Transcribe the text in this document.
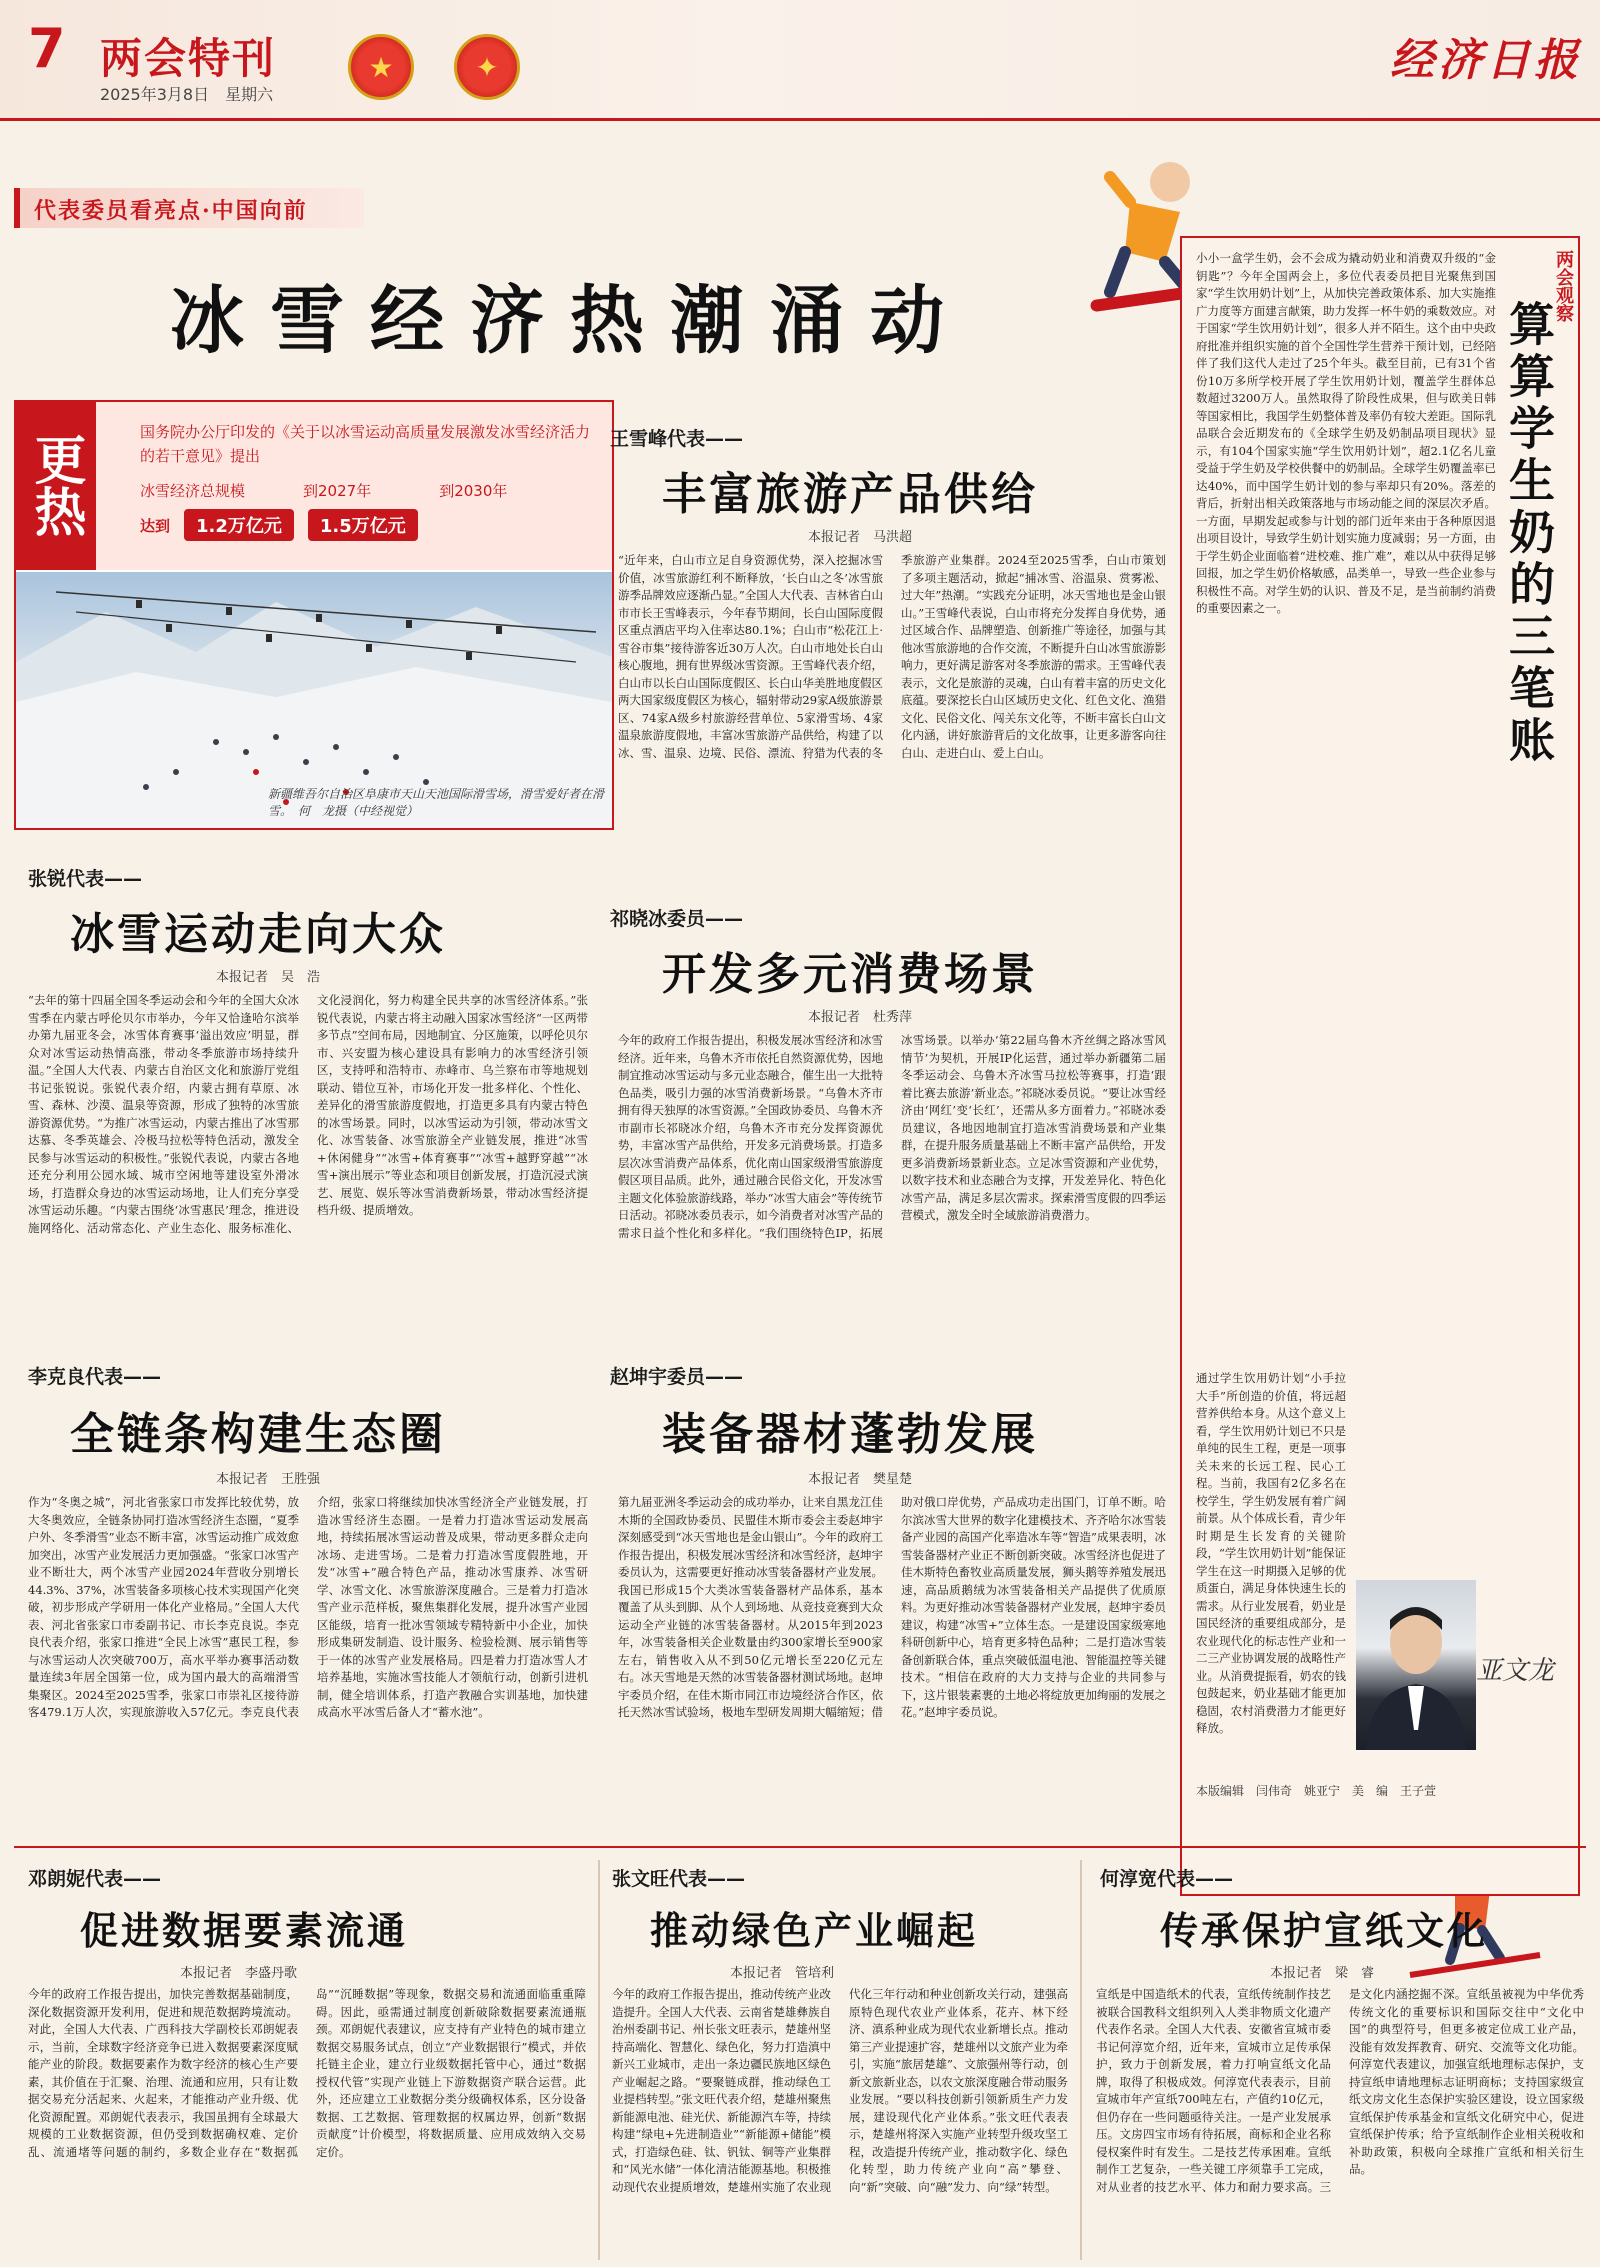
7 两会特刊
2025年3月8日　星期六
★	✦	经济日报
代表委员看亮点·中国向前
冰雪经济热潮涌动
更热
国务院办公厅印发的《关于以冰雪运动高质量发展激发冰雪经济活力的若干意见》提出
冰雪经济总规模	到2027年	到2030年
达到	1.2万亿元	1.5万亿元
新疆维吾尔自治区阜康市天山天池国际滑雪场，滑雪爱好者在滑雪。　何　龙摄（中经视觉）
王雪峰代表——
丰富旅游产品供给
本报记者　马洪超
“近年来，白山市立足自身资源优势，深入挖掘冰雪价值，冰雪旅游红利不断释放，‘长白山之冬’冰雪旅游季品牌效应逐渐凸显。”全国人大代表、吉林省白山市市长王雪峰表示，今年春节期间，长白山国际度假区重点酒店平均入住率达80.1%；白山市“松花江上·雪谷市集”接待游客近30万人次。白山市地处长白山核心腹地，拥有世界级冰雪资源。王雪峰代表介绍，白山市以长白山国际度假区、长白山华美胜地度假区两大国家级度假区为核心，辐射带动29家A级旅游景区、74家A级乡村旅游经营单位、5家滑雪场、4家温泉旅游度假地，丰富冰雪旅游产品供给，构建了以冰、雪、温泉、边境、民俗、漂流、狩猎为代表的冬季旅游产业集群。2024至2025雪季，白山市策划了多项主题活动，掀起“捕冰雪、浴温泉、赏雾凇、过大年”热潮。“实践充分证明，冰天雪地也是金山银山。”王雪峰代表说，白山市将充分发挥自身优势，通过区域合作、品牌塑造、创新推广等途径，加强与其他冰雪旅游地的合作交流，不断提升白山冰雪旅游影响力，更好满足游客对冬季旅游的需求。王雪峰代表表示，文化是旅游的灵魂，白山有着丰富的历史文化底蕴。要深挖长白山区域历史文化、红色文化、渔猎文化、民俗文化、闯关东文化等，不断丰富长白山文化内涵，讲好旅游背后的文化故事，让更多游客向往白山、走进白山、爱上白山。
张锐代表——
冰雪运动走向大众
本报记者　吴　浩
“去年的第十四届全国冬季运动会和今年的全国大众冰雪季在内蒙古呼伦贝尔市举办，今年又恰逢哈尔滨举办第九届亚冬会，冰雪体育赛事‘溢出效应’明显，群众对冰雪运动热情高涨，带动冬季旅游市场持续升温。”全国人大代表、内蒙古自治区文化和旅游厅党组书记张锐说。张锐代表介绍，内蒙古拥有草原、冰雪、森林、沙漠、温泉等资源，形成了独特的冰雪旅游资源优势。“为推广冰雪运动，内蒙古推出了冰雪那达慕、冬季英雄会、冷极马拉松等特色活动，激发全民参与冰雪运动的积极性。”张锐代表说，内蒙古各地还充分利用公园水域、城市空闲地等建设室外滑冰场，打造群众身边的冰雪运动场地，让人们充分享受冰雪运动乐趣。“内蒙古围绕‘冰雪惠民’理念，推进设施网络化、活动常态化、产业生态化、服务标准化、文化浸润化，努力构建全民共享的冰雪经济体系。”张锐代表说，内蒙古将主动融入国家冰雪经济“一区两带多节点”空间布局，因地制宜、分区施策，以呼伦贝尔市、兴安盟为核心建设具有影响力的冰雪经济引领区，支持呼和浩特市、赤峰市、乌兰察布市等地规划联动、错位互补，市场化开发一批多样化、个性化、差异化的滑雪旅游度假地，打造更多具有内蒙古特色的冰雪场景。同时，以冰雪运动为引领，带动冰雪文化、冰雪装备、冰雪旅游全产业链发展，推进“冰雪+休闲健身”“冰雪+体育赛事”“冰雪+越野穿越”“冰雪+演出展示”等业态和项目创新发展，打造沉浸式演艺、展览、娱乐等冰雪消费新场景，带动冰雪经济提档升级、提质增效。
祁晓冰委员——
开发多元消费场景
本报记者　杜秀萍
今年的政府工作报告提出，积极发展冰雪经济和冰雪经济。近年来，乌鲁木齐市依托自然资源优势，因地制宜推动冰雪运动与多元业态融合，催生出一大批特色品类，吸引力强的冰雪消费新场景。“乌鲁木齐市拥有得天独厚的冰雪资源。”全国政协委员、乌鲁木齐市副市长祁晓冰介绍，乌鲁木齐市充分发挥资源优势，丰富冰雪产品供给，开发多元消费场景。打造多层次冰雪消费产品体系，优化南山国家级滑雪旅游度假区项目品质。此外，通过融合民俗文化，开发冰雪主题文化体验旅游线路，举办“冰雪大庙会”等传统节日活动。祁晓冰委员表示，如今消费者对冰雪产品的需求日益个性化和多样化。“我们围绕特色IP，拓展冰雪场景。以举办‘第22届乌鲁木齐丝绸之路冰雪风情节’为契机，开展IP化运营，通过举办新疆第二届冬季运动会、乌鲁木齐冰雪马拉松等赛事，打造‘跟着比赛去旅游’新业态。”祁晓冰委员说。“要让冰雪经济由‘网红’变‘长红’，还需从多方面着力。”祁晓冰委员建议，各地因地制宜打造冰雪消费场景和产业集群，在提升服务质量基础上不断丰富产品供给，开发更多消费新场景新业态。立足冰雪资源和产业优势，以数字技术和业态融合为支撑，开发差异化、特色化冰雪产品，满足多层次需求。探索滑雪度假的四季运营模式，激发全时全域旅游消费潜力。
李克良代表——
全链条构建生态圈
本报记者　王胜强
作为“冬奥之城”，河北省张家口市发挥比较优势，放大冬奥效应，全链条协同打造冰雪经济生态圈，“夏季户外、冬季滑雪”业态不断丰富，冰雪运动推广成效愈加突出，冰雪产业发展活力更加强盛。“张家口冰雪产业不断壮大，两个冰雪产业园2024年营收分别增长44.3%、37%，冰雪装备多项核心技术实现国产化突破，初步形成产学研用一体化产业格局。”全国人大代表、河北省张家口市委副书记、市长李克良说。李克良代表介绍，张家口推进“全民上冰雪”惠民工程，参与冰雪运动人次突破700万，高水平举办赛事活动数量连续3年居全国第一位，成为国内最大的高端滑雪集聚区。2024至2025雪季，张家口市崇礼区接待游客479.1万人次，实现旅游收入57亿元。李克良代表介绍，张家口将继续加快冰雪经济全产业链发展，打造冰雪经济生态圈。一是着力打造冰雪运动发展高地，持续拓展冰雪运动普及成果，带动更多群众走向冰场、走进雪场。二是着力打造冰雪度假胜地，开发“冰雪+”融合特色产品，推动冰雪康养、冰雪研学、冰雪文化、冰雪旅游深度融合。三是着力打造冰雪产业示范样板，聚焦集群化发展，提升冰雪产业园区能级，培育一批冰雪领域专精特新中小企业，加快形成集研发制造、设计服务、检验检测、展示销售等于一体的冰雪产业发展格局。四是着力打造冰雪人才培养基地，实施冰雪技能人才领航行动，创新引进机制，健全培训体系，打造产教融合实训基地，加快建成高水平冰雪后备人才“蓄水池”。
赵坤宇委员——
装备器材蓬勃发展
本报记者　樊星楚
第九届亚洲冬季运动会的成功举办，让来自黑龙江佳木斯的全国政协委员、民盟佳木斯市委会主委赵坤宇深刻感受到“冰天雪地也是金山银山”。今年的政府工作报告提出，积极发展冰雪经济和冰雪经济，赵坤宇委员认为，这需要更好推动冰雪装备器材产业发展。我国已形成15个大类冰雪装备器材产品体系，基本覆盖了从头到脚、从个人到场地、从竞技竞赛到大众运动全产业链的冰雪装备器材。从2015年到2023年，冰雪装备相关企业数量由约300家增长至900家左右，销售收入从不到50亿元增长至220亿元左右。冰天雪地是天然的冰雪装备器材测试场地。赵坤宇委员介绍，在佳木斯市同江市边境经济合作区，依托天然冰雪试验场，极地车型研发周期大幅缩短；借助对俄口岸优势，产品成功走出国门，订单不断。哈尔滨冰雪大世界的数字化建模技术、齐齐哈尔冰雪装备产业园的高国产化率造冰车等“智造”成果表明，冰雪装备器材产业正不断创新突破。冰雪经济也促进了佳木斯特色畜牧业高质量发展，狮头鹅等养殖发展迅速，高品质鹅绒为冰雪装备相关产品提供了优质原料。为更好推动冰雪装备器材产业发展，赵坤宇委员建议，构建“冰雪+”立体生态。一是建设国家级寒地科研创新中心，培育更多特色品种；二是打造冰雪装备创新联合体，重点突破低温电池、智能温控等关键技术。“相信在政府的大力支持与企业的共同参与下，这片银装素裹的土地必将绽放更加绚丽的发展之花。”赵坤宇委员说。
两会观察
算算学生奶的三笔账
小小一盒学生奶，会不会成为撬动奶业和消费双升级的“金钥匙”？今年全国两会上，多位代表委员把目光聚焦到国家“学生饮用奶计划”上，从加快完善政策体系、加大实施推广力度等方面建言献策，助力发挥一杯牛奶的乘数效应。对于国家“学生饮用奶计划”，很多人并不陌生。这个由中央政府批准并组织实施的首个全国性学生营养干预计划，已经陪伴了我们这代人走过了25个年头。截至目前，已有31个省份10万多所学校开展了学生饮用奶计划，覆盖学生群体总数超过3200万人。虽然取得了阶段性成果，但与欧美日韩等国家相比，我国学生奶整体普及率仍有较大差距。国际乳品联合会近期发布的《全球学生奶及奶制品项目现状》显示，有104个国家实施“学生饮用奶计划”，超2.1亿名儿童受益于学生奶及学校供餐中的奶制品。全球学生奶覆盖率已达40%，而中国学生奶计划的参与率却只有20%。落差的背后，折射出相关政策落地与市场动能之间的深层次矛盾。一方面，早期发起或参与计划的部门近年来由于各种原因退出项目设计，导致学生奶计划实施力度减弱；另一方面，由于学生奶企业面临着“进校难、推广难”，难以从中获得足够回报，加之学生奶价格敏感，品类单一，导致一些企业参与积极性不高。对学生奶的认识、普及不足，是当前制约消费的重要因素之一。
通过学生饮用奶计划“小手拉大手”所创造的价值，将远超营养供给本身。从这个意义上看，学生饮用奶计划已不只是单纯的民生工程，更是一项事关未来的长远工程、民心工程。当前，我国有2亿多名在校学生，学生奶发展有着广阔前景。从个体成长看，青少年时期是生长发育的关键阶段，“学生饮用奶计划”能保证学生在这一时期摄入足够的优质蛋白，满足身体快速生长的需求。从行业发展看，奶业是国民经济的重要组成部分，是农业现代化的标志性产业和一二三产业协调发展的战略性产业。从消费提振看，奶农的钱包鼓起来，奶业基础才能更加稳固，农村消费潜力才能更好释放。
亚文龙
本版编辑　闫伟奇　姚亚宁　美　编　王子萱
邓朗妮代表——
促进数据要素流通
本报记者　李盛丹歌
今年的政府工作报告提出，加快完善数据基础制度，深化数据资源开发利用，促进和规范数据跨境流动。对此，全国人大代表、广西科技大学副校长邓朗妮表示，当前，全球数字经济竞争已进入数据要素深度赋能产业的阶段。数据要素作为数字经济的核心生产要素，其价值在于汇聚、治理、流通和应用，只有让数据交易充分活起来、火起来，才能推动产业升级、优化资源配置。邓朗妮代表表示，我国虽拥有全球最大规模的工业数据资源，但仍受到数据确权难、定价乱、流通堵等问题的制约，多数企业存在“数据孤岛”“沉睡数据”等现象，数据交易和流通面临重重障碍。因此，亟需通过制度创新破除数据要素流通瓶颈。邓朗妮代表建议，应支持有产业特色的城市建立数据交易服务试点，创立“产业数据银行”模式，并依托链主企业，建立行业级数据托管中心，通过“数据授权代管”实现产业链上下游数据资产联合运营。此外，还应建立工业数据分类分级确权体系，区分设备数据、工艺数据、管理数据的权属边界，创新“数据贡献度”计价模型，将数据质量、应用成效纳入交易定价。
张文旺代表——
推动绿色产业崛起
本报记者　管培利
今年的政府工作报告提出，推动传统产业改造提升。全国人大代表、云南省楚雄彝族自治州委副书记、州长张文旺表示，楚雄州坚持高端化、智慧化、绿色化，努力打造滇中新兴工业城市，走出一条边疆民族地区绿色产业崛起之路。“要聚链成群，推动绿色工业提档转型。”张文旺代表介绍，楚雄州聚焦新能源电池、硅光伏、新能源汽车等，持续构建“绿电+先进制造业”“新能源+储能”模式，打造绿色硅、钛、钒钛、铜等产业集群和“风光水储”一体化清洁能源基地。积极推动现代农业提质增效，楚雄州实施了农业现代化三年行动和种业创新攻关行动，建强高原特色现代农业产业体系，花卉、林下经济、滇系种业成为现代农业新增长点。推动第三产业提速扩容，楚雄州以文旅产业为牵引，实施“旅居楚雄”、文旅强州等行动，创新文旅新业态，以农文旅深度融合带动服务业发展。“要以科技创新引领新质生产力发展，建设现代化产业体系。”张文旺代表表示，楚雄州将深入实施产业转型升级攻坚工程，改造提升传统产业，推动数字化、绿色化转型，助力传统产业向“高”攀登、向“新”突破、向“融”发力、向“绿”转型。
何淳宽代表——
传承保护宣纸文化
本报记者　梁　睿
宣纸是中国造纸术的代表，宣纸传统制作技艺被联合国教科文组织列入人类非物质文化遗产代表作名录。全国人大代表、安徽省宣城市委书记何淳宽介绍，近年来，宣城市立足传承保护，致力于创新发展，着力打响宣纸文化品牌，取得了积极成效。何淳宽代表表示，目前宣城市年产宣纸700吨左右，产值约10亿元，但仍存在一些问题亟待关注。一是产业发展承压。文房四宝市场有待拓展，商标和企业名称侵权案件时有发生。二是技艺传承困难。宣纸制作工艺复杂，一些关键工序须靠手工完成，对从业者的技艺水平、体力和耐力要求高。三是文化内涵挖掘不深。宣纸虽被视为中华优秀传统文化的重要标识和国际交往中“文化中国”的典型符号，但更多被定位成工业产品，没能有效发挥教育、研究、交流等文化功能。何淳宽代表建议，加强宣纸地理标志保护，支持宣纸申请地理标志证明商标；支持国家级宣纸文房文化生态保护实验区建设，设立国家级宣纸保护传承基金和宣纸文化研究中心，促进宣纸保护传承；给予宣纸制作企业相关税收和补助政策，积极向全球推广宣纸和相关衍生品。
